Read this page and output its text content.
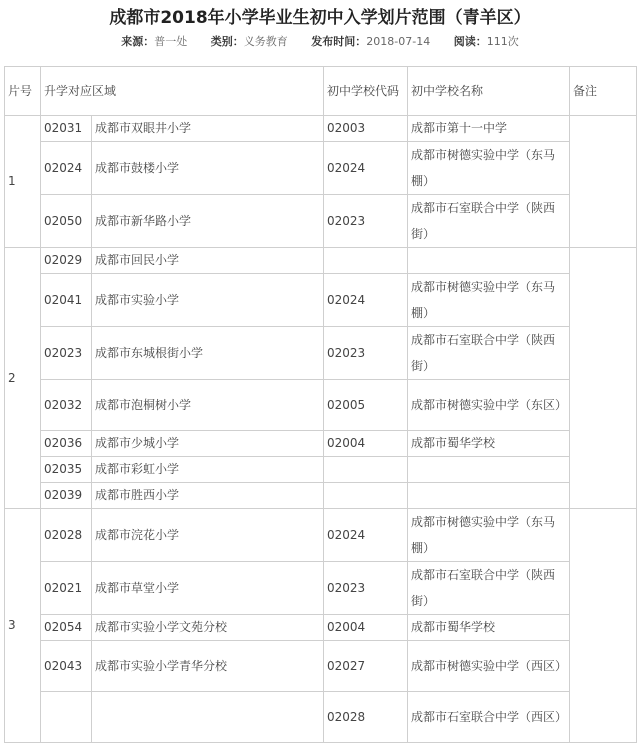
成都市2018年小学毕业生初中入学划片范围（青羊区）
来源：普一处 类别：义务教育 发布时间：2018-07-14 阅读：111次
片号	升学对应区域		初中学校代码	初中学校名称	备注
1	02031	成都市双眼井小学	02003	成都市第十一中学	
	02024	成都市鼓楼小学	02024	成都市树德实验中学（东马棚）	
	02050	成都市新华路小学	02023	成都市石室联合中学（陕西街）	
2	02029	成都市回民小学			
	02041	成都市实验小学	02024	成都市树德实验中学（东马棚）	
	02023	成都市东城根街小学	02023	成都市石室联合中学（陕西街）	
	02032	成都市泡桐树小学	02005	成都市树德实验中学（东区）	
	02036	成都市少城小学	02004	成都市蜀华学校	
	02035	成都市彩虹小学			
	02039	成都市胜西小学			
3	02028	成都市浣花小学	02024	成都市树德实验中学（东马棚）	
	02021	成都市草堂小学	02023	成都市石室联合中学（陕西街）	
	02054	成都市实验小学文苑分校	02004	成都市蜀华学校	
	02043	成都市实验小学青华分校	02027	成都市树德实验中学（西区）	
			02028	成都市石室联合中学（西区）	
